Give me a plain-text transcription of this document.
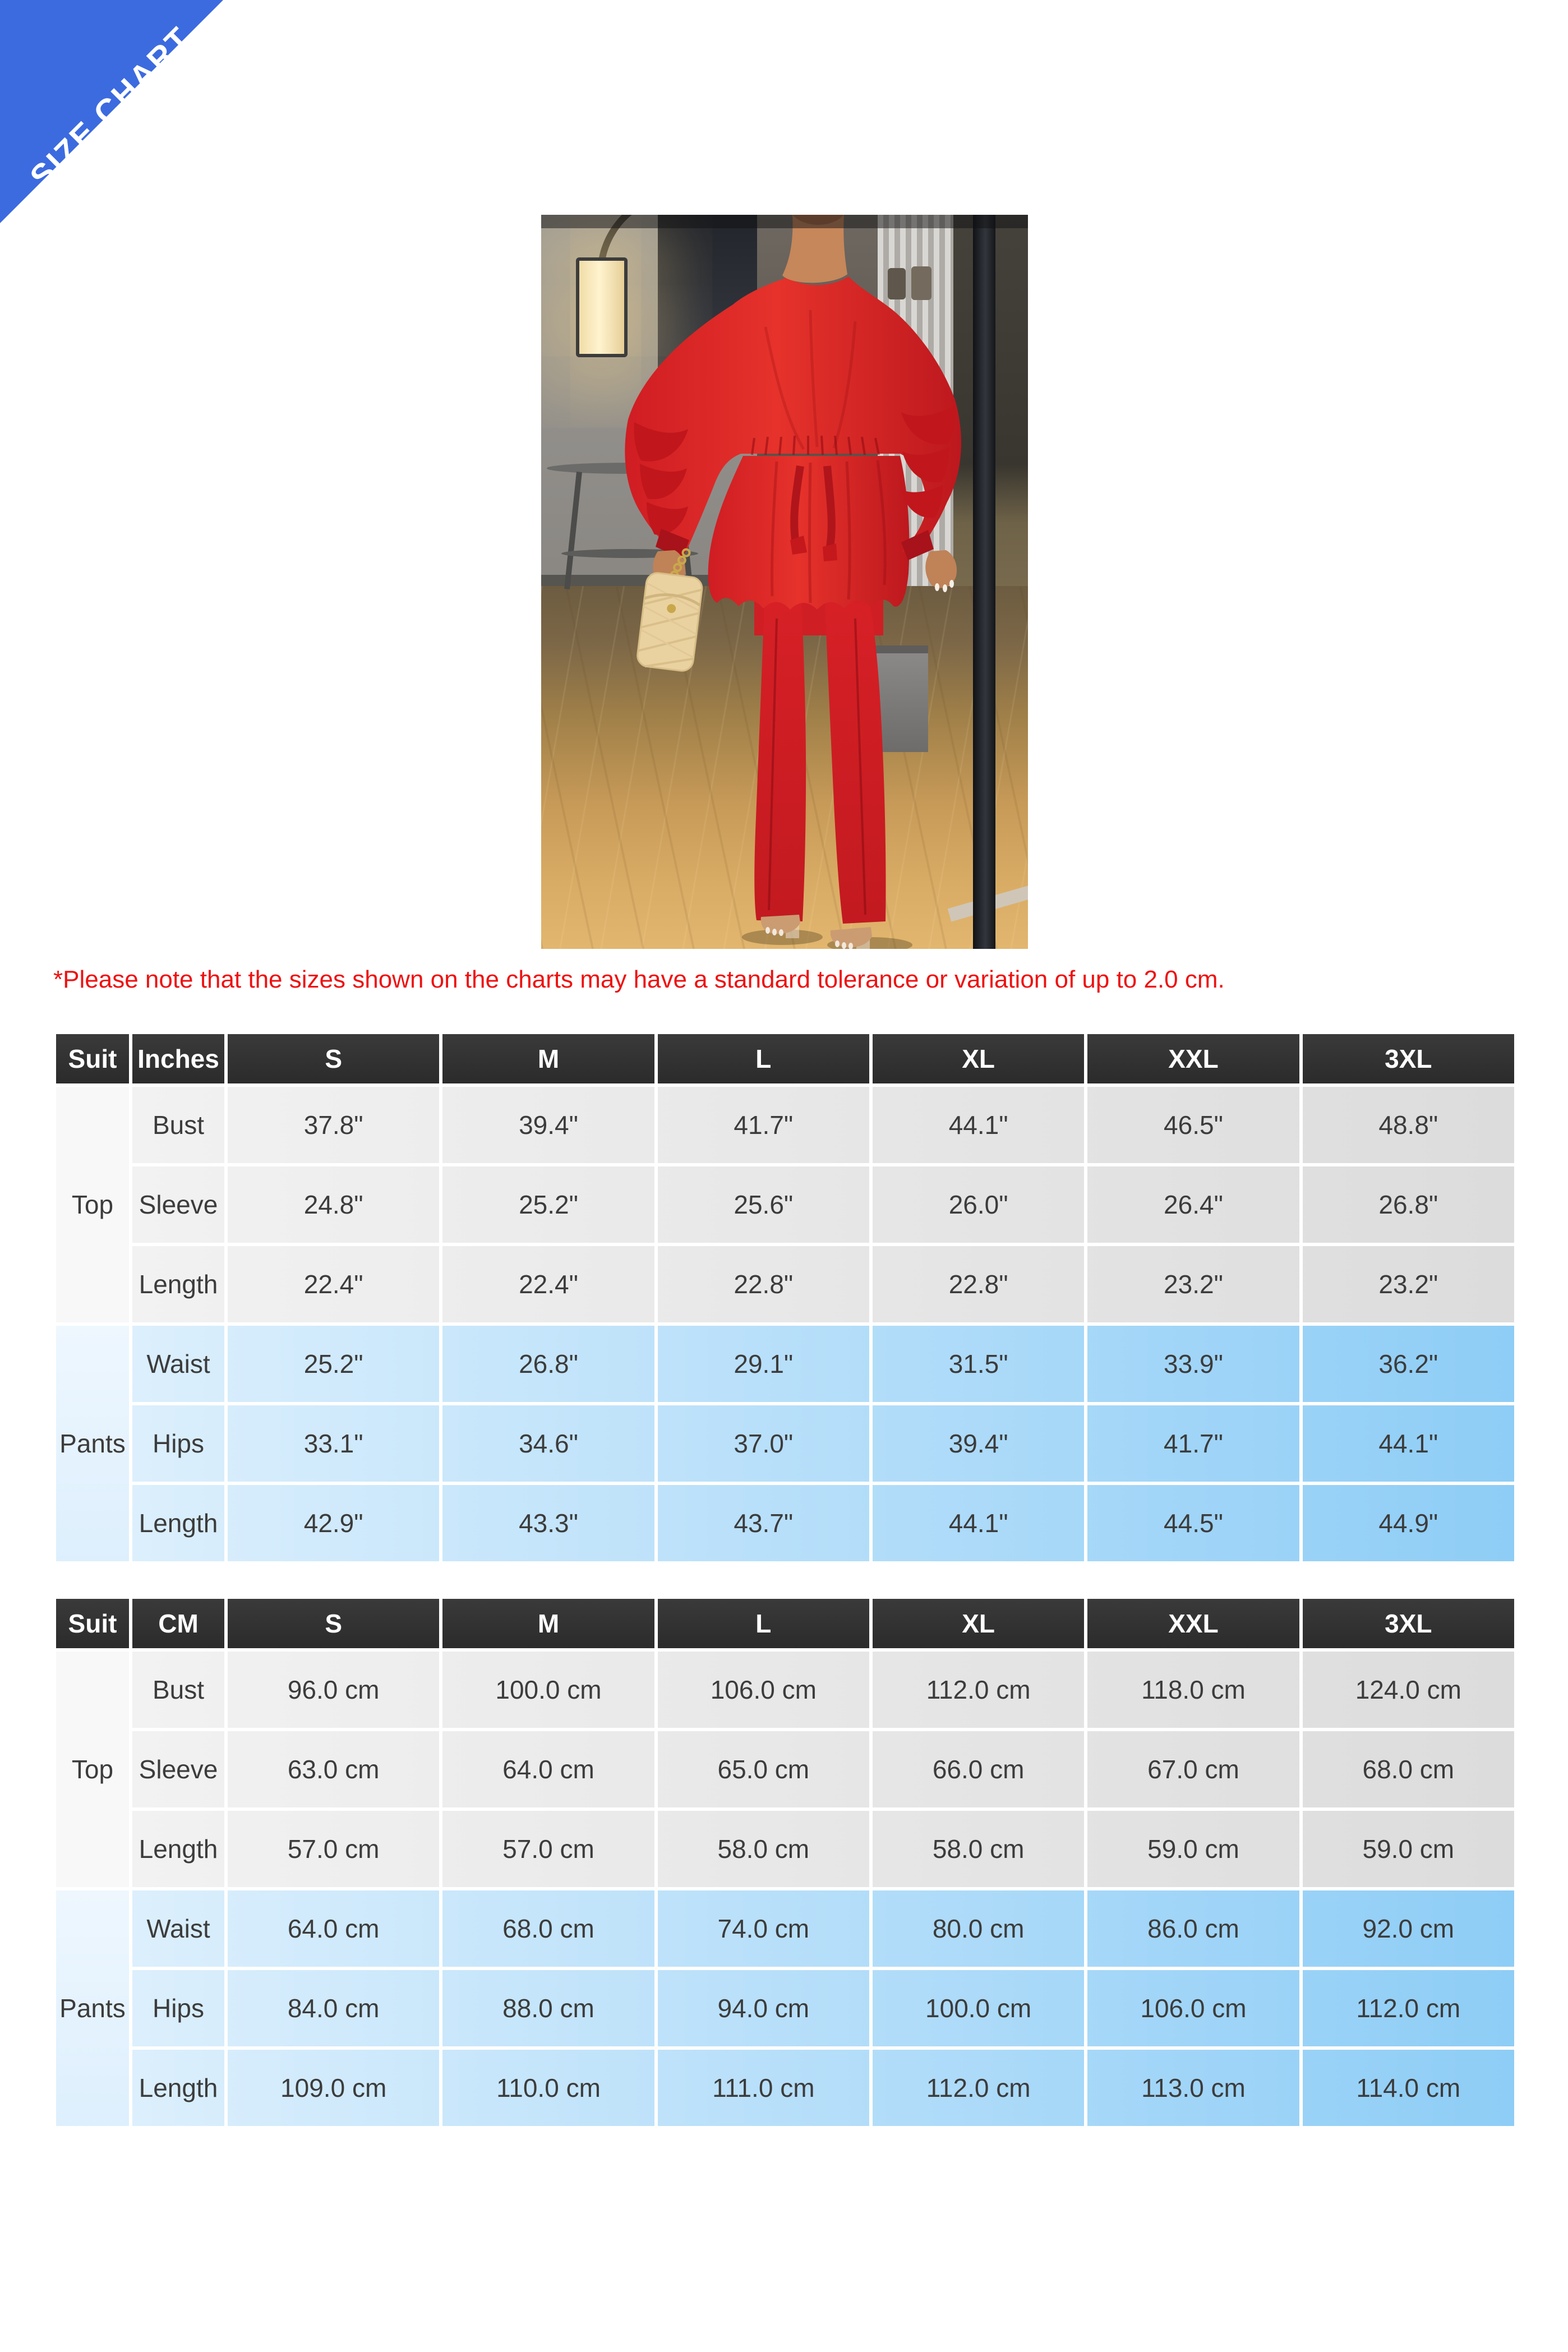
SIZE CHART
*Please note that the sizes shown on the charts may have a standard tolerance or variation of up to 2.0 cm.
Suit	Inches	S	M	L	XL	XXL	3XL
Top	Bust	37.8"	39.4"	41.7"	44.1"	46.5"	48.8"
	Sleeve	24.8"	25.2"	25.6"	26.0"	26.4"	26.8"
	Length	22.4"	22.4"	22.8"	22.8"	23.2"	23.2"
Pants	Waist	25.2"	26.8"	29.1"	31.5"	33.9"	36.2"
	Hips	33.1"	34.6"	37.0"	39.4"	41.7"	44.1"
	Length	42.9"	43.3"	43.7"	44.1"	44.5"	44.9"
Suit	CM	S	M	L	XL	XXL	3XL
Top	Bust	96.0 cm	100.0 cm	106.0 cm	112.0 cm	118.0 cm	124.0 cm
	Sleeve	63.0 cm	64.0 cm	65.0 cm	66.0 cm	67.0 cm	68.0 cm
	Length	57.0 cm	57.0 cm	58.0 cm	58.0 cm	59.0 cm	59.0 cm
Pants	Waist	64.0 cm	68.0 cm	74.0 cm	80.0 cm	86.0 cm	92.0 cm
	Hips	84.0 cm	88.0 cm	94.0 cm	100.0 cm	106.0 cm	112.0 cm
	Length	109.0 cm	110.0 cm	111.0 cm	112.0 cm	113.0 cm	114.0 cm
